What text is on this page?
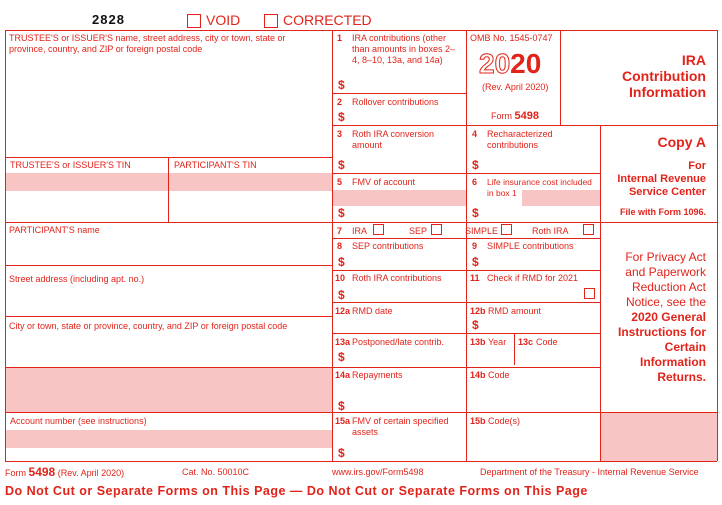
2828	VOID	CORRECTED
TRUSTEE'S or ISSUER'S name, street address, city or town, state or province, country, and ZIP or foreign postal code
TRUSTEE'S or ISSUER'S TIN	PARTICIPANT'S TIN
PARTICIPANT'S name
Street address (including apt. no.)
City or town, state or province, country, and ZIP or foreign postal code
Account number (see instructions)
1 IRA contributions (other than amounts in boxes 2–4, 8–10, 13a, and 14a)
$
OMB No. 1545-0747
2020
(Rev. April 2020)
Form 5498
2 Rollover contributions
$
3 Roth IRA conversion amount
$
4 Recharacterized contributions
$
5 FMV of account
$
6 Life insurance cost included in box 1
$
7 IRA	SEP	SIMPLE	Roth IRA
8 SEP contributions
$
9 SIMPLE contributions
$
10 Roth IRA contributions
$
11 Check if RMD for 2021
12a RMD date	12b RMD amount
$
13a Postponed/late contrib.
$
13b Year 13c Code
14a Repayments
$
14b Code
15a FMV of certain specified assets
$
15b Code(s)
IRA
Contribution
Information
Copy A
For
Internal Revenue
Service Center
File with Form 1096.
For Privacy Act
and Paperwork
Reduction Act
Notice, see the
2020 General
Instructions for
Certain
Information
Returns.
Form 5498 (Rev. April 2020)	Cat. No. 50010C	www.irs.gov/Form5498	Department of the Treasury - Internal Revenue Service
Do Not Cut or Separate Forms on This Page — Do Not Cut or Separate Forms on This Page
